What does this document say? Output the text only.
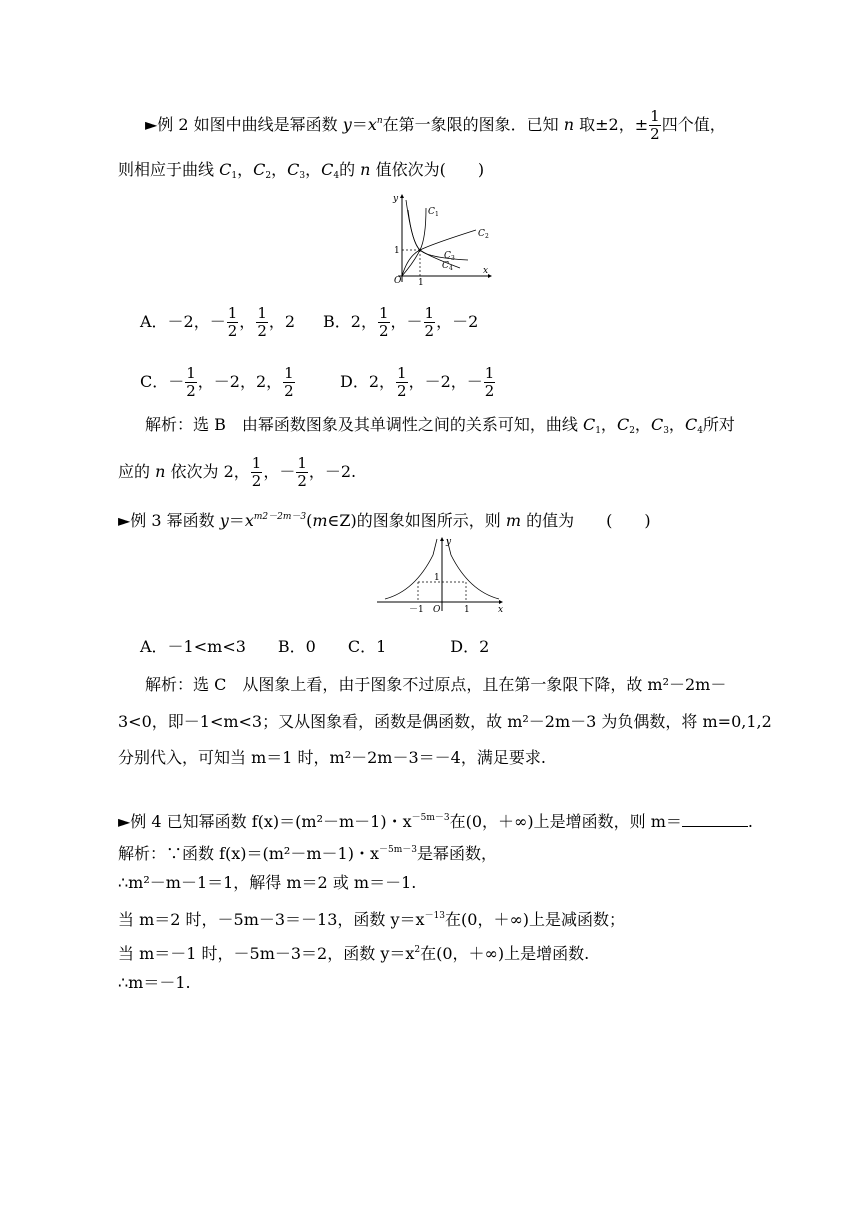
►例 2 如图中曲线是幂函数 $y=x^n$在第一象限的图象．已知 n 取±2，± $\frac{1}{2}$ 四个值，
则相应于曲线 $C_1$，$C_2$，$C_3$，$C_4$的 n 值依次为(　　)
y
x
O 1
1
C 1
C 2
C 3
C 4
A．－2，－ $\frac{1}{2}$ ， $\frac{1}{2}$ ，2 B．2， $\frac{1}{2}$ ，－ $\frac{1}{2}$ ，－2
C．－ $\frac{1}{2}$ ，－2，2， $\frac{1}{2}$	D．2， $\frac{1}{2}$ ，－2，－ $\frac{1}{2}$
解析：选 B　由幂函数图象及其单调性之间的关系可知，曲线 $C_1$，$C_2$，$C_3$，$C_4$所对
应的 n 依次为 2， $\frac{1}{2}$ ，－ $\frac{1}{2}$ ，－2.
►例 3 幂函数 $y=x^{m2-2m-3}(m\in Z)$的图象如图所示，则 m 的值为　　(　　)
y
x
O
－1	1
1
A．－1<m<3　　B．0　　C．1　　　　D．2
解析：选 C　从图象上看，由于图象不过原点，且在第一象限下降，故 m²－2m－
3<0，即－1<m<3；又从图象看，函数是偶函数，故 m²－2m－3 为负偶数，将 m=0,1,2
分别代入，可知当 m＝1 时，m²－2m－3＝－4，满足要求.
►例 4 已知幂函数 f(x)＝(m²－m－1)・$x^{-5m-3}$在(0，＋∞)上是增函数，则 m＝	.
解析：∵函数 f(x)＝(m²－m－1)・$x^{-5m-3}$是幂函数，
∴m²－m－1＝1，解得 m＝2 或 m＝－1.
当 m＝2 时，－5m－3＝－13，函数 $y=x^{-13}$在(0，＋∞)上是减函数；
当 m＝－1 时，－5m－3＝2，函数 $y=x^2$在(0，＋∞)上是增函数.
∴m＝－1.
